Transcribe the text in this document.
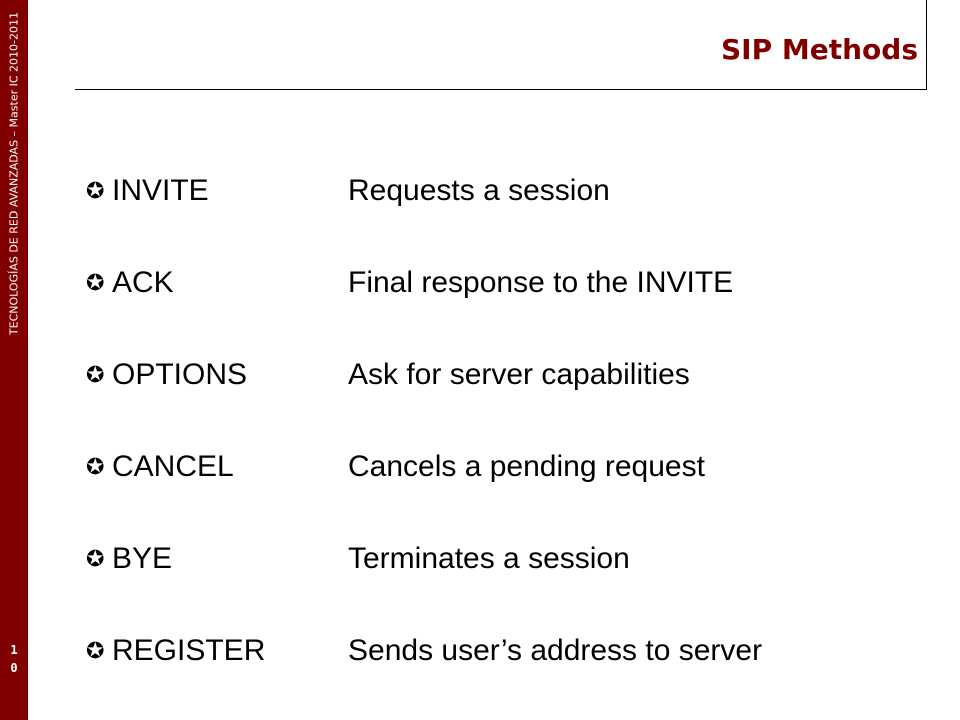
TECNOLOGÍAS DE RED AVANZADAS – Master IC 2010-2011
1
0
SIP Methods
✪ INVITE	Requests a session
✪ ACK	Final response to the INVITE
✪ OPTIONS	Ask for server capabilities
✪ CANCEL	Cancels a pending request
✪ BYE	Terminates a session
✪ REGISTER	Sends user’s address to server
